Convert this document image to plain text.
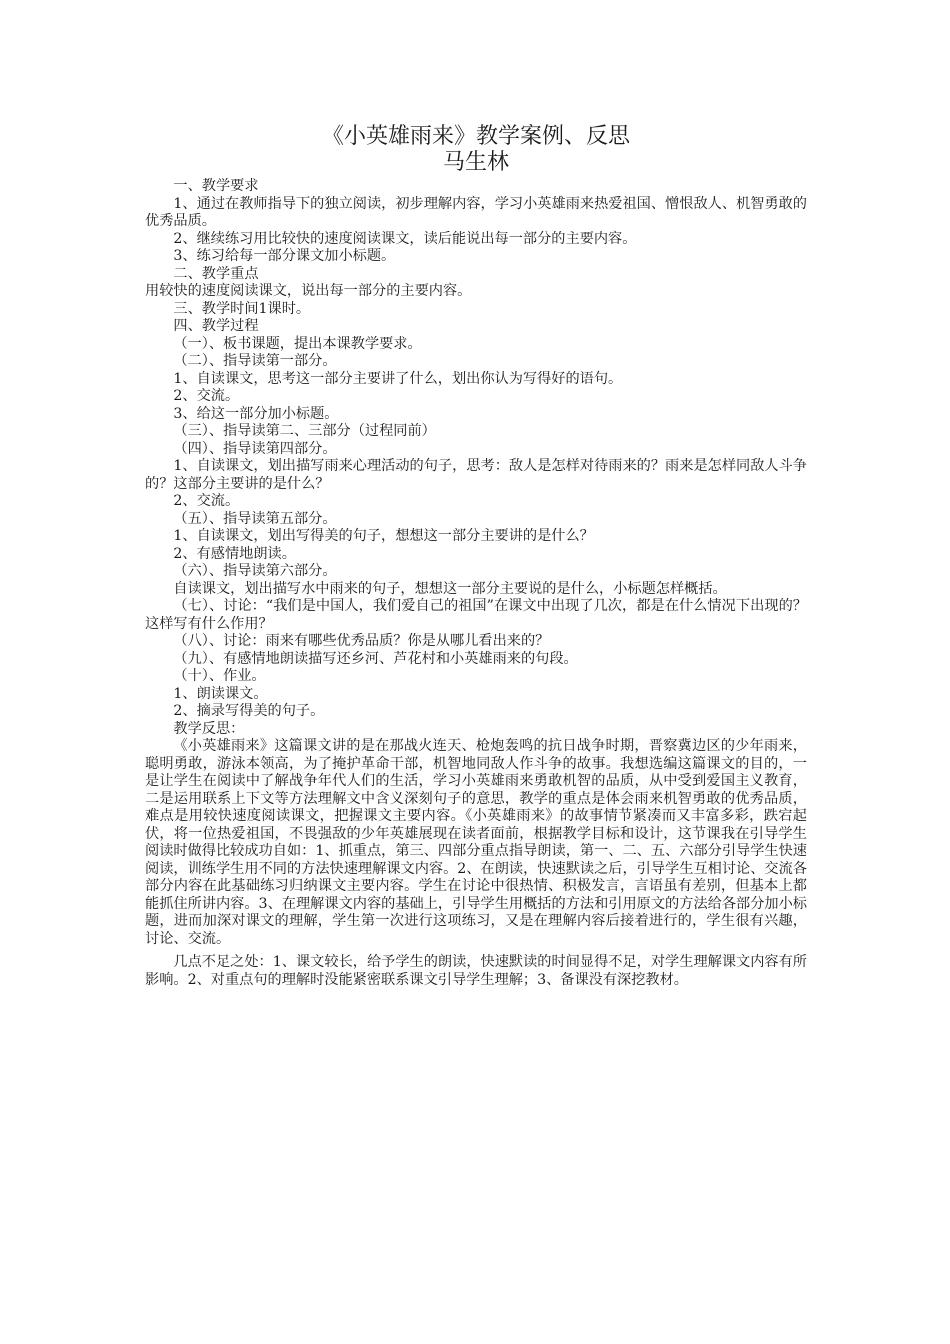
《小英雄雨来》教学案例、反思
马生林

一、教学要求

1、通过在教师指导下的独立阅读，初步理解内容，学习小英雄雨来热爱祖国、憎恨敌人、机智勇敢的优秀品质。

2、继续练习用比较快的速度阅读课文，读后能说出每一部分的主要内容。

3、练习给每一部分课文加小标题。

二、教学重点

用较快的速度阅读课文，说出每一部分的主要内容。

三、教学时间1课时。

四、教学过程

（一）、板书课题，提出本课教学要求。

（二）、指导读第一部分。

1、自读课文，思考这一部分主要讲了什么，划出你认为写得好的语句。

2、交流。

3、给这一部分加小标题。

（三）、指导读第二、三部分（过程同前）

（四）、指导读第四部分。

1、自读课文，划出描写雨来心理活动的句子，思考：敌人是怎样对待雨来的？雨来是怎样同敌人斗争的？这部分主要讲的是什么？

2、交流。

（五）、指导读第五部分。

1、自读课文，划出写得美的句子，想想这一部分主要讲的是什么？

2、有感情地朗读。

（六）、指导读第六部分。

自读课文，划出描写水中雨来的句子，想想这一部分主要说的是什么，小标题怎样概括。

（七）、讨论：“我们是中国人，我们爱自己的祖国”在课文中出现了几次，都是在什么情况下出现的？这样写有什么作用？

（八）、讨论：雨来有哪些优秀品质？你是从哪儿看出来的？

（九）、有感情地朗读描写还乡河、芦花村和小英雄雨来的句段。

（十）、作业。

1、朗读课文。

2、摘录写得美的句子。

教学反思：

《小英雄雨来》这篇课文讲的是在那战火连天、枪炮轰鸣的抗日战争时期，晋察冀边区的少年雨来，聪明勇敢，游泳本领高，为了掩护革命干部，机智地同敌人作斗争的故事。我想选编这篇课文的目的，一是让学生在阅读中了解战争年代人们的生活，学习小英雄雨来勇敢机智的品质，从中受到爱国主义教育，二是运用联系上下文等方法理解文中含义深刻句子的意思，教学的重点是体会雨来机智勇敢的优秀品质，难点是用较快速度阅读课文，把握课文主要内容。《小英雄雨来》的故事情节紧凑而又丰富多彩，跌宕起伏，将一位热爱祖国，不畏强敌的少年英雄展现在读者面前，根据教学目标和设计，这节课我在引导学生阅读时做得比较成功自如：1、抓重点，第三、四部分重点指导朗读，第一、二、五、六部分引导学生快速阅读，训练学生用不同的方法快速理解课文内容。2、在朗读，快速默读之后，引导学生互相讨论、交流各部分内容在此基础练习归纳课文主要内容。学生在讨论中很热情、积极发言，言语虽有差别，但基本上都能抓住所讲内容。3、在理解课文内容的基础上，引导学生用概括的方法和引用原文的方法给各部分加小标题，进而加深对课文的理解，学生第一次进行这项练习，又是在理解内容后接着进行的，学生很有兴趣，讨论、交流。

几点不足之处：1、课文较长，给予学生的朗读，快速默读的时间显得不足，对学生理解课文内容有所影响。2、对重点句的理解时没能紧密联系课文引导学生理解；3、备课没有深挖教材。
